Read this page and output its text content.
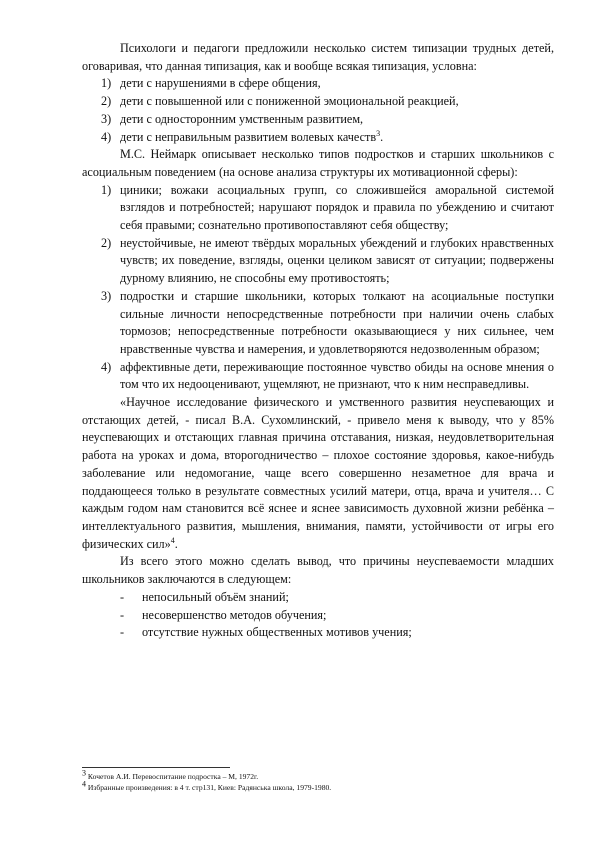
Психологи и педагоги предложили несколько систем типизации трудных детей, оговаривая, что данная типизация, как и вообще всякая типизация, условна:

1) дети с нарушениями в сфере общения,
2) дети с повышенной или с пониженной эмоциональной реакцией,
3) дети с односторонним умственным развитием,
4) дети с неправильным развитием волевых качеств$^3$.

М.С. Неймарк описывает несколько типов подростков и старших школьников с асоциальным поведением (на основе анализа структуры их мотивационной сферы):

1) циники; вожаки асоциальных групп, со сложившейся аморальной системой взглядов и потребностей; нарушают порядок и правила по убеждению и считают себя правыми; сознательно противопоставляют себя обществу;
2) неустойчивые, не имеют твёрдых моральных убеждений и глубоких нравственных чувств; их поведение, взгляды, оценки целиком зависят от ситуации; подвержены дурному влиянию, не способны ему противостоять;
3) подростки и старшие школьники, которых толкают на асоциальные поступки сильные личности непосредственные потребности при наличии очень слабых тормозов; непосредственные потребности оказывающиеся у них сильнее, чем нравственные чувства и намерения, и удовлетворяются недозволенным образом;
4) аффективные дети, переживающие постоянное чувство обиды на основе мнения о том что их недооценивают, ущемляют, не признают, что к ним несправедливы.

«Научное исследование физического и умственного развития неуспевающих и отстающих детей, - писал В.А. Сухомлинский, - привело меня к выводу, что у 85% неуспевающих и отстающих главная причина отставания, низкая, неудовлетворительная работа на уроках и дома, второгодничество – плохое состояние здоровья, какое-нибудь заболевание или недомогание, чаще всего совершенно незаметное для врача и поддающееся только в результате совместных усилий матери, отца, врача и учителя… С каждым годом нам становится всё яснее и яснее зависимость духовной жизни ребёнка – интеллектуального развития, мышления, внимания, памяти, устойчивости от игры его физических сил»$^4$.

Из всего этого можно сделать вывод, что причины неуспеваемости младших школьников заключаются в следующем:

- непосильный объём знаний;
- несовершенство методов обучения;
- отсутствие нужных общественных мотивов учения;
$^3$ Кочетов А.И. Перевоспитание подростка – М, 1972г.
$^4$ Избранные произведения: в 4 т. стр131, Киев: Радянська школа, 1979-1980.
